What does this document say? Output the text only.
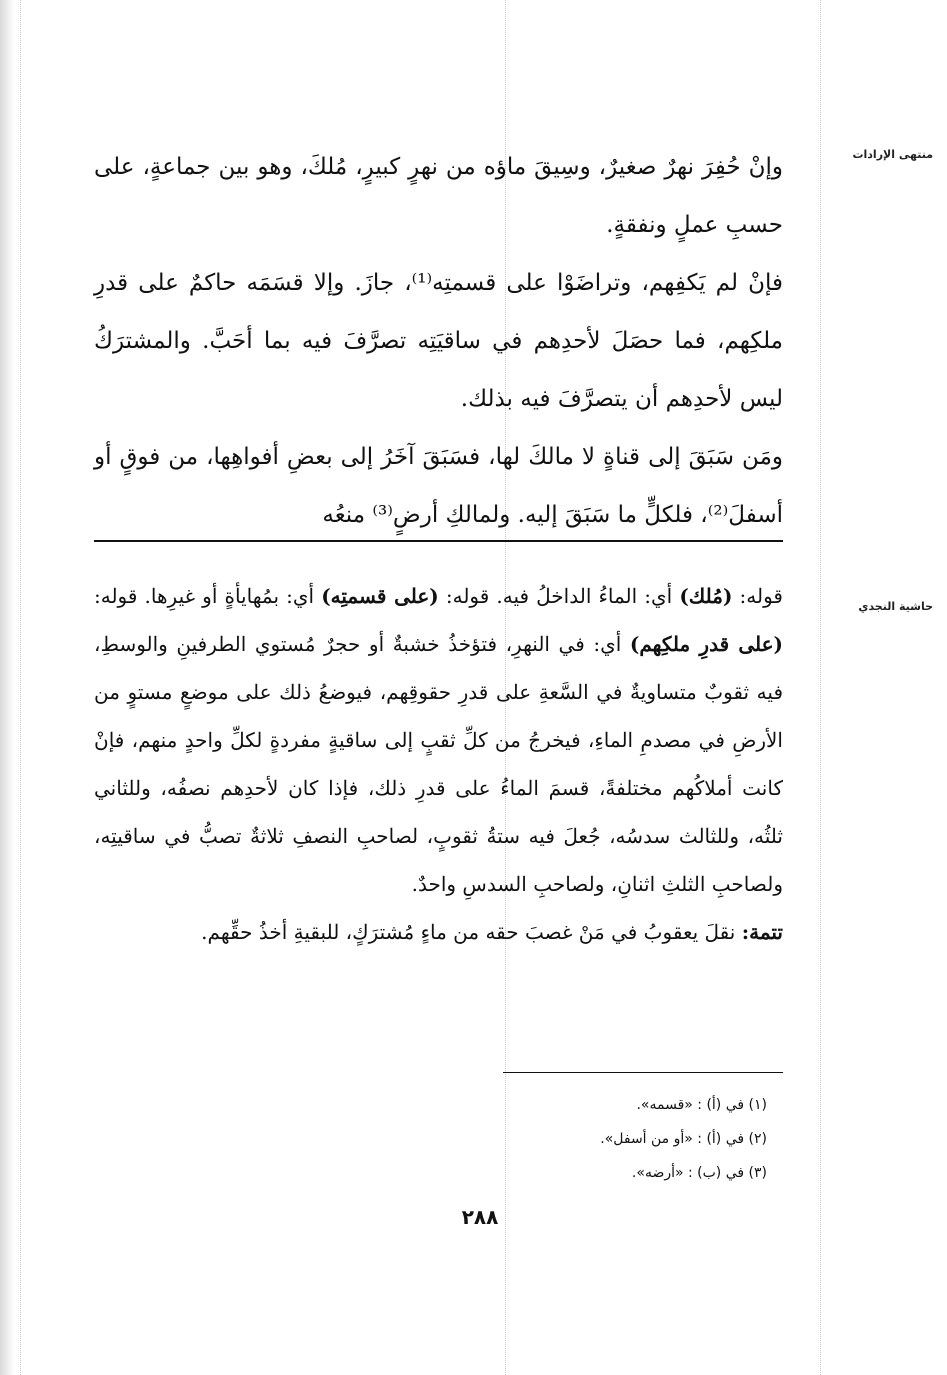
منتهى الإرادات
حاشية النجدي

وإنْ حُفِرَ نهرٌ صغيرٌ، وسِيقَ ماؤه من نهرٍ كبيرٍ، مُلكَ، وهو بين جماعةٍ، على حسبِ عملٍ ونفقةٍ.

فإنْ لم يَكفِهم، وتراضَوْا على قسمتِه⁽¹⁾، جازَ. وإلا قسَمَه حاكمٌ على قدرِ ملكِهم، فما حصَلَ لأحدِهم في ساقيَتِه تصرَّفَ فيه بما أحَبَّ. والمشترَكُ ليس لأحدِهم أن يتصرَّفَ فيه بذلك.

ومَن سَبَقَ إلى قناةٍ لا مالكَ لها، فسَبَقَ آخَرُ إلى بعضِ أفواهِها، من فوقٍ أو أسفلَ⁽²⁾، فلكلٍّ ما سَبَقَ إليه. ولمالكِ أرضٍ⁽³⁾ منعُه

قوله: (مُلك) أي: الماءُ الداخلُ فيه. قوله: (على قسمتِه) أي: بمُهايأةٍ أو غيرِها. قوله: (على قدرِ ملكِهم) أي: في النهرِ، فتؤخذُ خشبةٌ أو حجرٌ مُستوي الطرفينِ والوسطِ، فيه ثقوبٌ متساويةٌ في السَّعةِ على قدرِ حقوقِهم، فيوضعُ ذلك على موضعٍ مستوٍ من الأرضِ في مصدمِ الماءِ، فيخرجُ من كلِّ ثقبٍ إلى ساقيةٍ مفردةٍ لكلِّ واحدٍ منهم، فإنْ كانت أملاكُهم مختلفةً، قسمَ الماءُ على قدرِ ذلك، فإذا كان لأحدِهم نصفُه، وللثاني ثلثُه، وللثالث سدسُه، جُعلَ فيه ستةُ ثقوبٍ، لصاحبِ النصفِ ثلاثةٌ تصبُّ في ساقيتِه، ولصاحبِ الثلثِ اثنانِ، ولصاحبِ السدسِ واحدٌ.

تتمة: نقلَ يعقوبُ في مَنْ غصبَ حقه من ماءٍ مُشترَكٍ، للبقيةِ أخذُ حقِّهم.

(١) في (أ) : «قسمه».
(٢) في (أ) : «أو من أسفل».
(٣) في (ب) : «أرضه».
٢٨٨
